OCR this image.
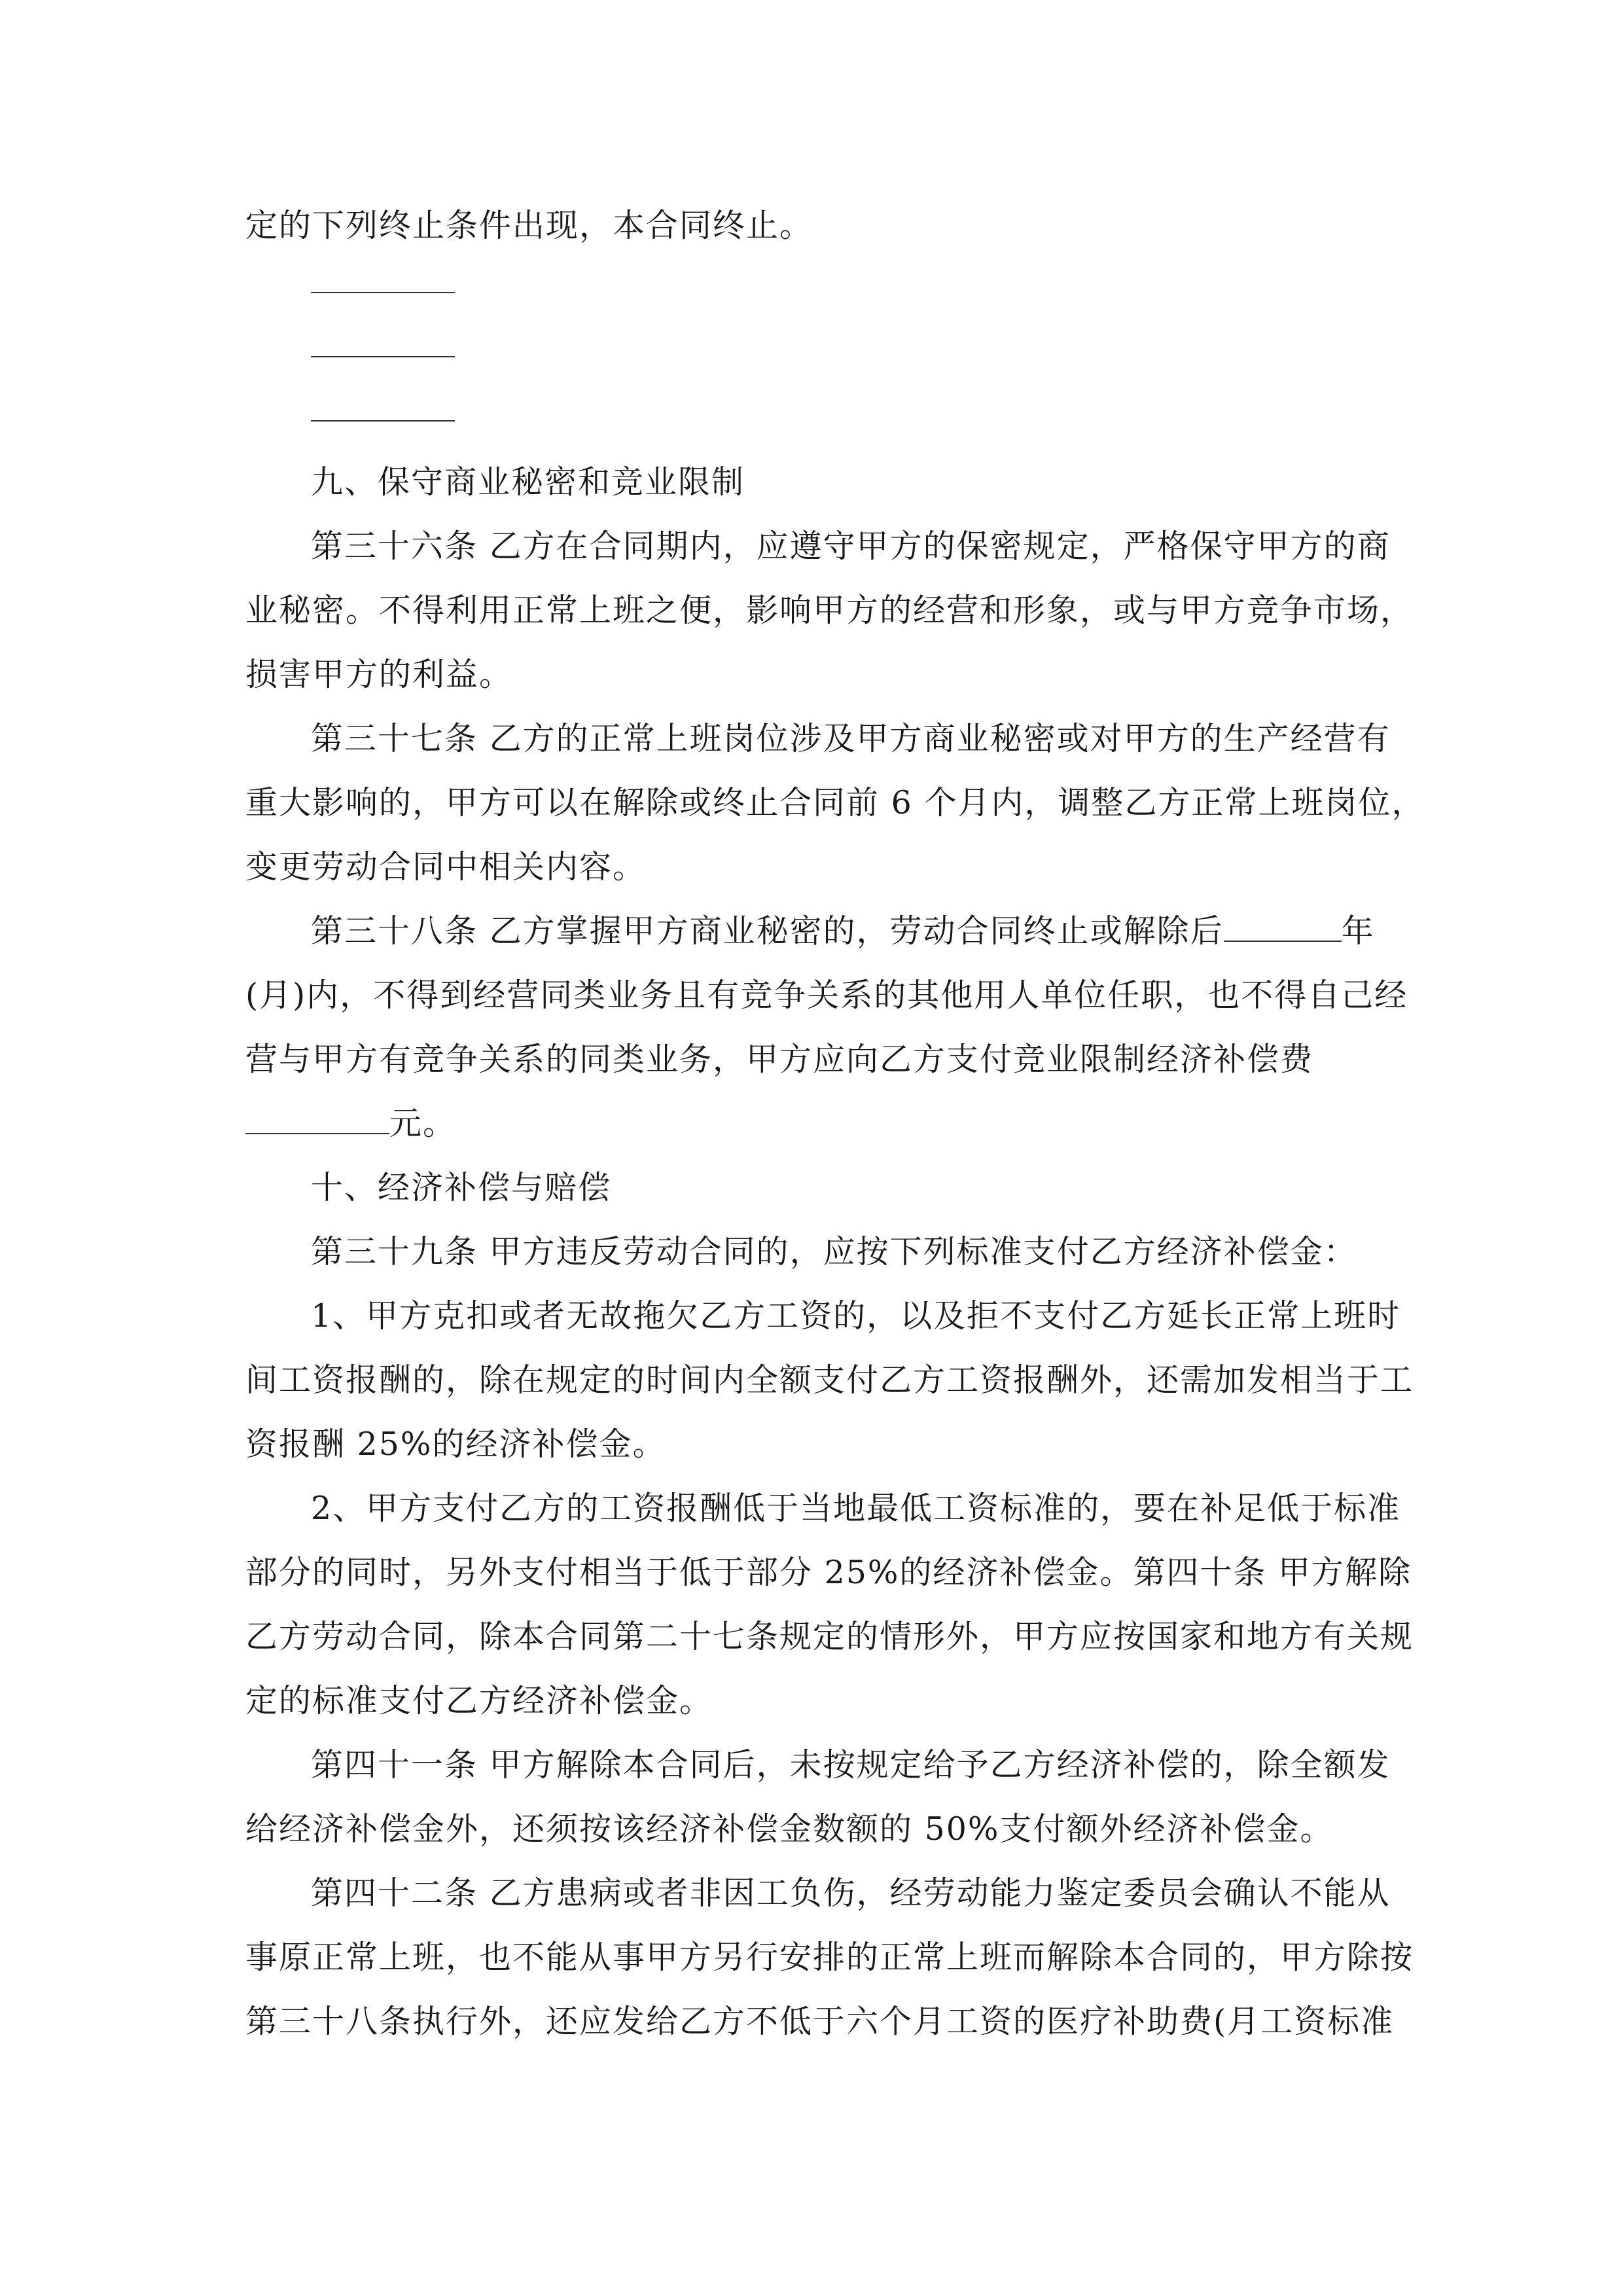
定的下列终止条件出现，本合同终止。
九、保守商业秘密和竞业限制
第三十六条 乙方在合同期内，应遵守甲方的保密规定，严格保守甲方的商
业秘密。不得利用正常上班之便，影响甲方的经营和形象，或与甲方竞争市场，
损害甲方的利益。
第三十七条 乙方的正常上班岗位涉及甲方商业秘密或对甲方的生产经营有
重大影响的，甲方可以在解除或终止合同前 6 个月内，调整乙方正常上班岗位，
变更劳动合同中相关内容。
第三十八条 乙方掌握甲方商业秘密的，劳动合同终止或解除后	年
(月)内，不得到经营同类业务且有竞争关系的其他用人单位任职，也不得自己经
营与甲方有竞争关系的同类业务，甲方应向乙方支付竞业限制经济补偿费
元。
十、经济补偿与赔偿
第三十九条 甲方违反劳动合同的，应按下列标准支付乙方经济补偿金：
1、甲方克扣或者无故拖欠乙方工资的，以及拒不支付乙方延长正常上班时
间工资报酬的，除在规定的时间内全额支付乙方工资报酬外，还需加发相当于工
资报酬 25%的经济补偿金。
2、甲方支付乙方的工资报酬低于当地最低工资标准的，要在补足低于标准
部分的同时，另外支付相当于低于部分 25%的经济补偿金。第四十条 甲方解除
乙方劳动合同，除本合同第二十七条规定的情形外，甲方应按国家和地方有关规
定的标准支付乙方经济补偿金。
第四十一条 甲方解除本合同后，未按规定给予乙方经济补偿的，除全额发
给经济补偿金外，还须按该经济补偿金数额的 50%支付额外经济补偿金。
第四十二条 乙方患病或者非因工负伤，经劳动能力鉴定委员会确认不能从
事原正常上班，也不能从事甲方另行安排的正常上班而解除本合同的，甲方除按
第三十八条执行外，还应发给乙方不低于六个月工资的医疗补助费(月工资标准
